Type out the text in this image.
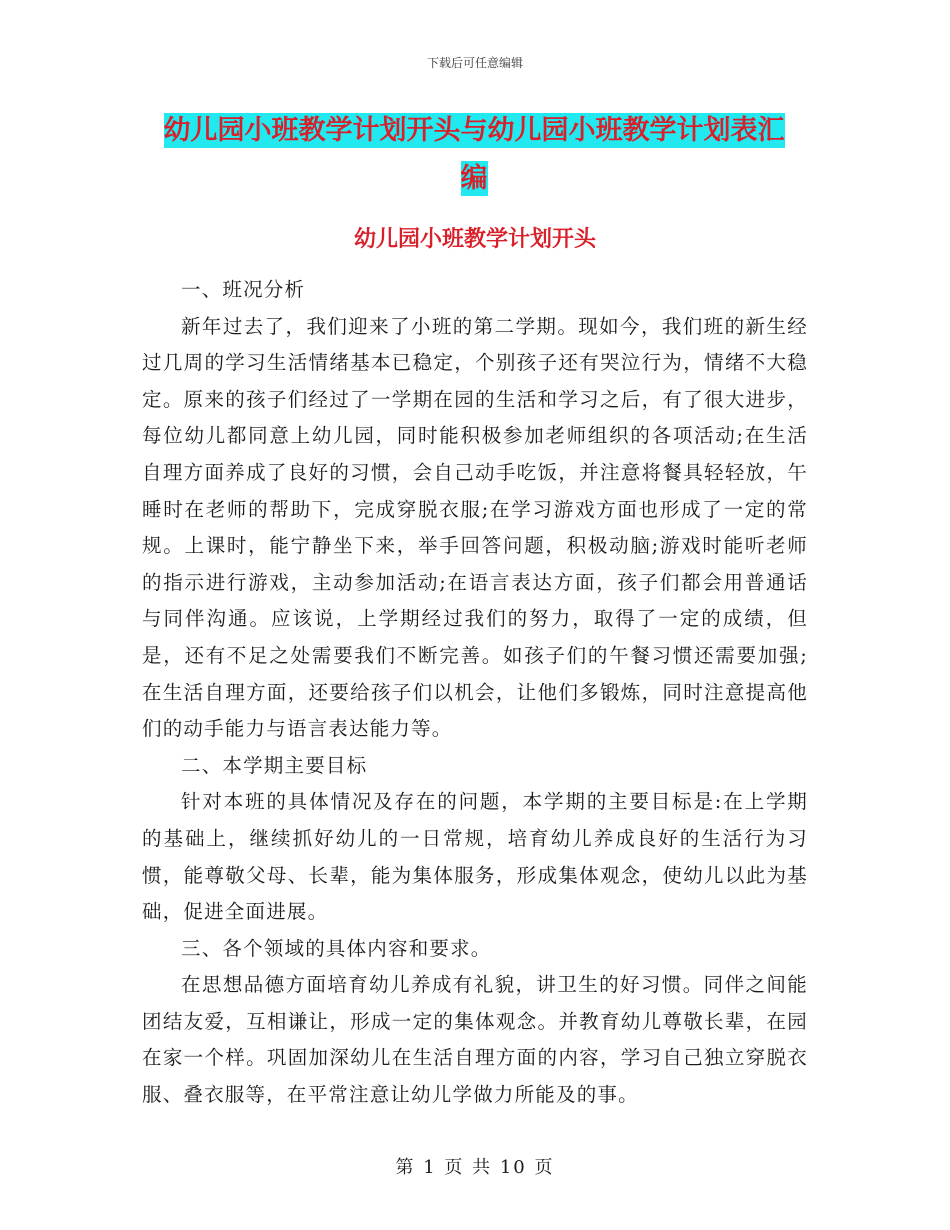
下载后可任意编辑
幼儿园小班教学计划开头与幼儿园小班教学计划表汇
编
幼儿园小班教学计划开头

一、班况分析

新年过去了，我们迎来了小班的第二学期。现如今，我们班的新生经过几周的学习生活情绪基本已稳定，个别孩子还有哭泣行为，情绪不大稳定。原来的孩子们经过了一学期在园的生活和学习之后，有了很大进步，每位幼儿都同意上幼儿园，同时能积极参加老师组织的各项活动;在生活自理方面养成了良好的习惯，会自己动手吃饭，并注意将餐具轻轻放，午睡时在老师的帮助下，完成穿脱衣服;在学习游戏方面也形成了一定的常规。上课时，能宁静坐下来，举手回答问题，积极动脑;游戏时能听老师的指示进行游戏，主动参加活动;在语言表达方面，孩子们都会用普通话与同伴沟通。应该说，上学期经过我们的努力，取得了一定的成绩，但是，还有不足之处需要我们不断完善。如孩子们的午餐习惯还需要加强;在生活自理方面，还要给孩子们以机会，让他们多锻炼，同时注意提高他们的动手能力与语言表达能力等。

二、本学期主要目标

针对本班的具体情况及存在的问题，本学期的主要目标是:在上学期的基础上，继续抓好幼儿的一日常规，培育幼儿养成良好的生活行为习惯，能尊敬父母、长辈，能为集体服务，形成集体观念，使幼儿以此为基础，促进全面进展。

三、各个领域的具体内容和要求。

在思想品德方面培育幼儿养成有礼貌，讲卫生的好习惯。同伴之间能团结友爱，互相谦让，形成一定的集体观念。并教育幼儿尊敬长辈，在园在家一个样。巩固加深幼儿在生活自理方面的内容，学习自己独立穿脱衣服、叠衣服等，在平常注意让幼儿学做力所能及的事。

第 1 页 共 10 页
